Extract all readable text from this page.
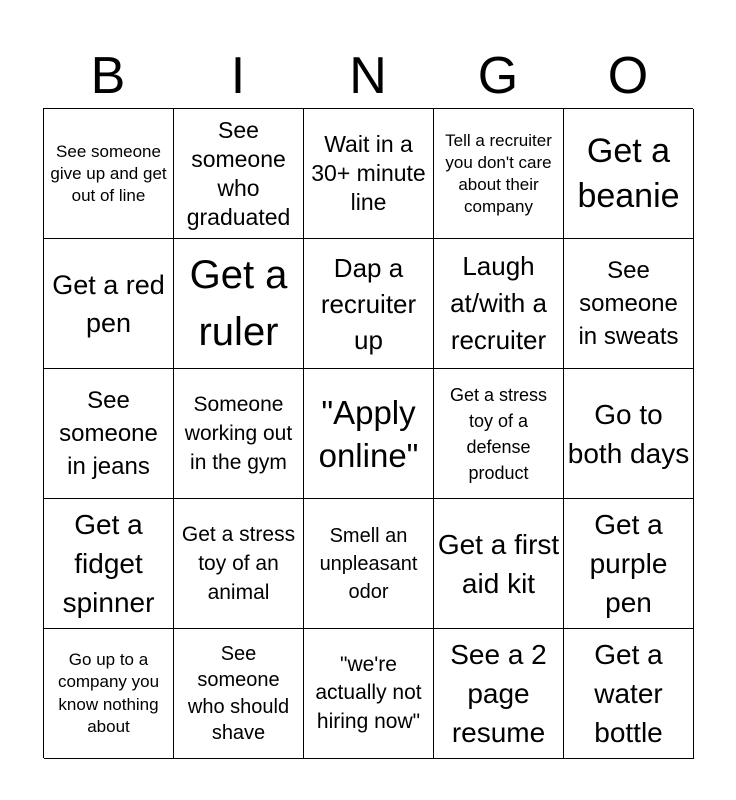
B	I	N	G	O
See someone give up and get out of line
See someone who graduated
Wait in a 30+ minute line
Tell a recruiter you don't care about their company
Get a beanie
Get a red pen
Get a ruler
Dap a recruiter up
Laugh at/with a recruiter
See someone in sweats
See someone in jeans
Someone working out in the gym
"Apply online"
Get a stress toy of a defense product
Go to both days
Get a fidget spinner
Get a stress toy of an animal
Smell an unpleasant odor
Get a first aid kit
Get a purple pen
Go up to a company you know nothing about
See someone who should shave
"we're actually not hiring now"
See a 2 page resume
Get a water bottle
